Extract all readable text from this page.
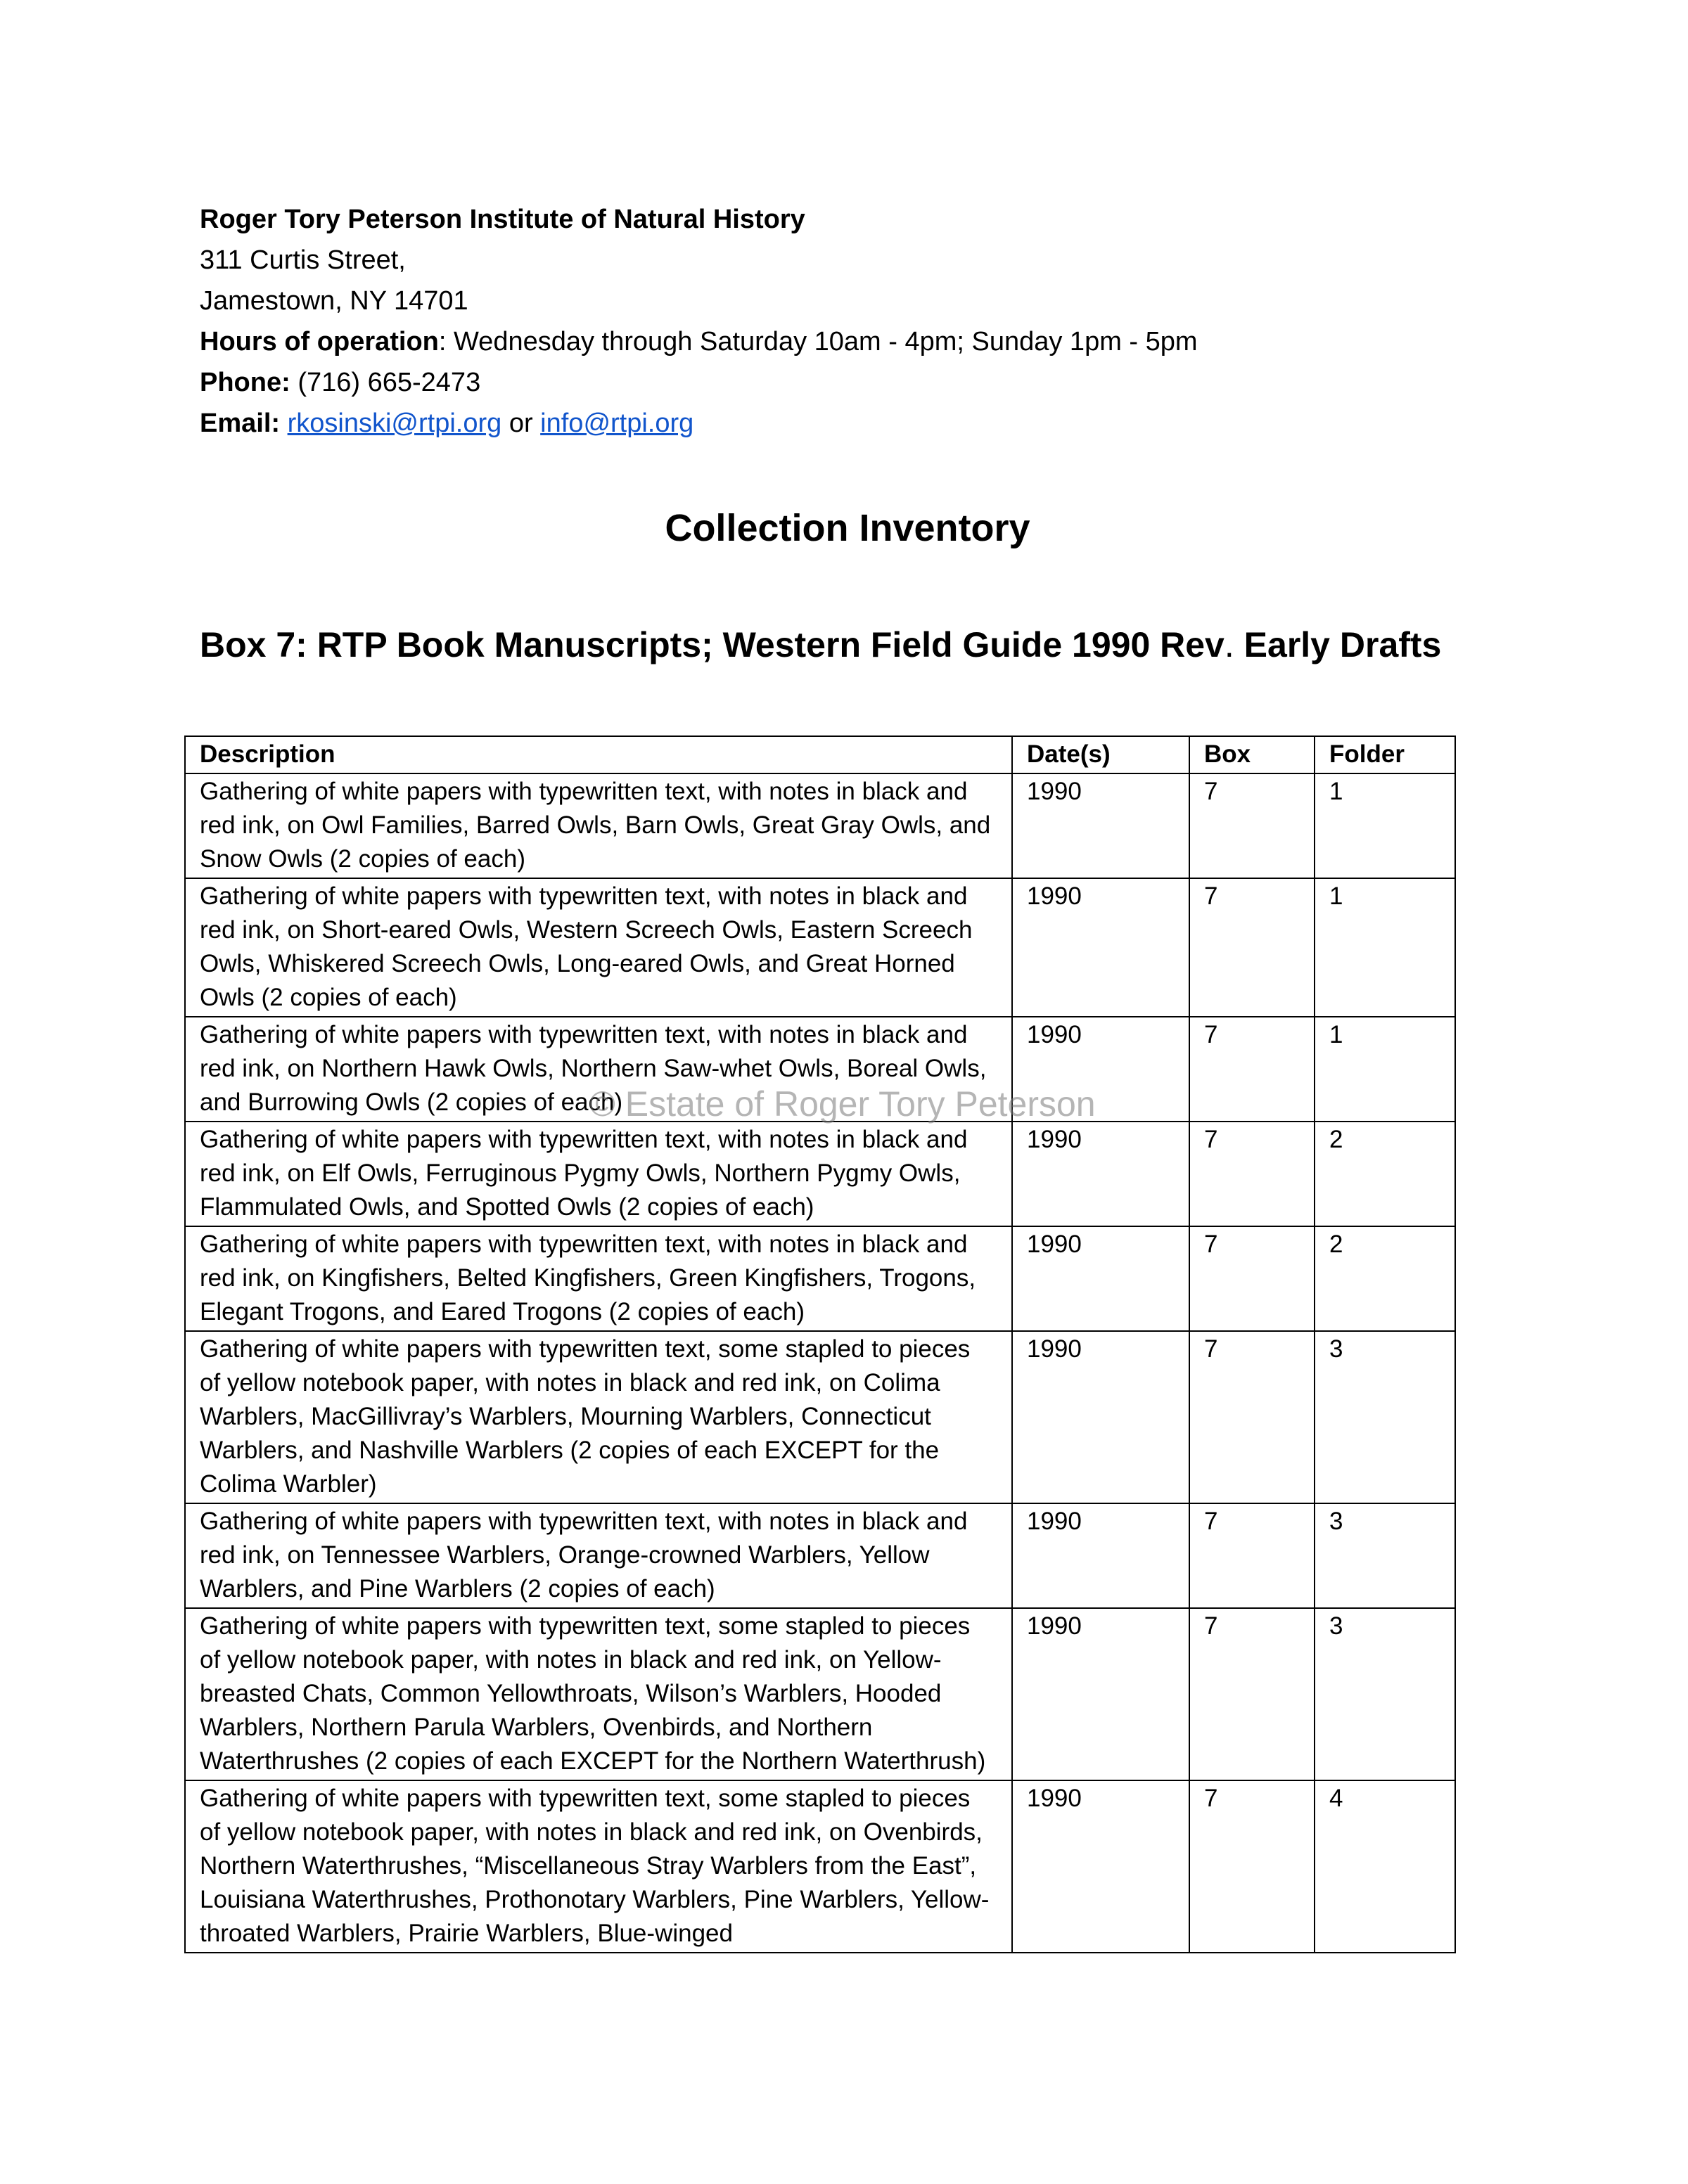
Roger Tory Peterson Institute of Natural History
311 Curtis Street,
Jamestown, NY 14701
Hours of operation: Wednesday through Saturday 10am - 4pm; Sunday 1pm - 5pm
Phone: (716) 665-2473
Email: rkosinski@rtpi.org or info@rtpi.org
Collection Inventory
Box 7: RTP Book Manuscripts; Western Field Guide 1990 Rev. Early Drafts
Description	Date(s)	Box	Folder
Gathering of white papers with typewritten text, with notes in black and red ink, on Owl Families, Barred Owls, Barn Owls, Great Gray Owls, and Snow Owls (2 copies of each)	1990	7	1
Gathering of white papers with typewritten text, with notes in black and red ink, on Short-eared Owls, Western Screech Owls, Eastern Screech Owls, Whiskered Screech Owls, Long-eared Owls, and Great Horned Owls (2 copies of each)	1990	7	1
Gathering of white papers with typewritten text, with notes in black and red ink, on Northern Hawk Owls, Northern Saw-whet Owls, Boreal Owls, and Burrowing Owls (2 copies of each)	1990	7	1
Gathering of white papers with typewritten text, with notes in black and red ink, on Elf Owls, Ferruginous Pygmy Owls, Northern Pygmy Owls, Flammulated Owls, and Spotted Owls (2 copies of each)	1990	7	2
Gathering of white papers with typewritten text, with notes in black and red ink, on Kingfishers, Belted Kingfishers, Green Kingfishers, Trogons, Elegant Trogons, and Eared Trogons (2 copies of each)	1990	7	2
Gathering of white papers with typewritten text, some stapled to pieces of yellow notebook paper, with notes in black and red ink, on Colima Warblers, MacGillivray’s Warblers, Mourning Warblers, Connecticut Warblers, and Nashville Warblers (2 copies of each EXCEPT for the Colima Warbler)	1990	7	3
Gathering of white papers with typewritten text, with notes in black and red ink, on Tennessee Warblers, Orange-crowned Warblers, Yellow Warblers, and Pine Warblers (2 copies of each)	1990	7	3
Gathering of white papers with typewritten text, some stapled to pieces of yellow notebook paper, with notes in black and red ink, on Yellow-breasted Chats, Common Yellowthroats, Wilson’s Warblers, Hooded Warblers, Northern Parula Warblers, Ovenbirds, and Northern Waterthrushes (2 copies of each EXCEPT for the Northern Waterthrush)	1990	7	3
Gathering of white papers with typewritten text, some stapled to pieces of yellow notebook paper, with notes in black and red ink, on Ovenbirds, Northern Waterthrushes, “Miscellaneous Stray Warblers from the East”, Louisiana Waterthrushes, Prothonotary Warblers, Pine Warblers, Yellow-throated Warblers, Prairie Warblers, Blue-winged	1990	7	4
© Estate of Roger Tory Peterson
